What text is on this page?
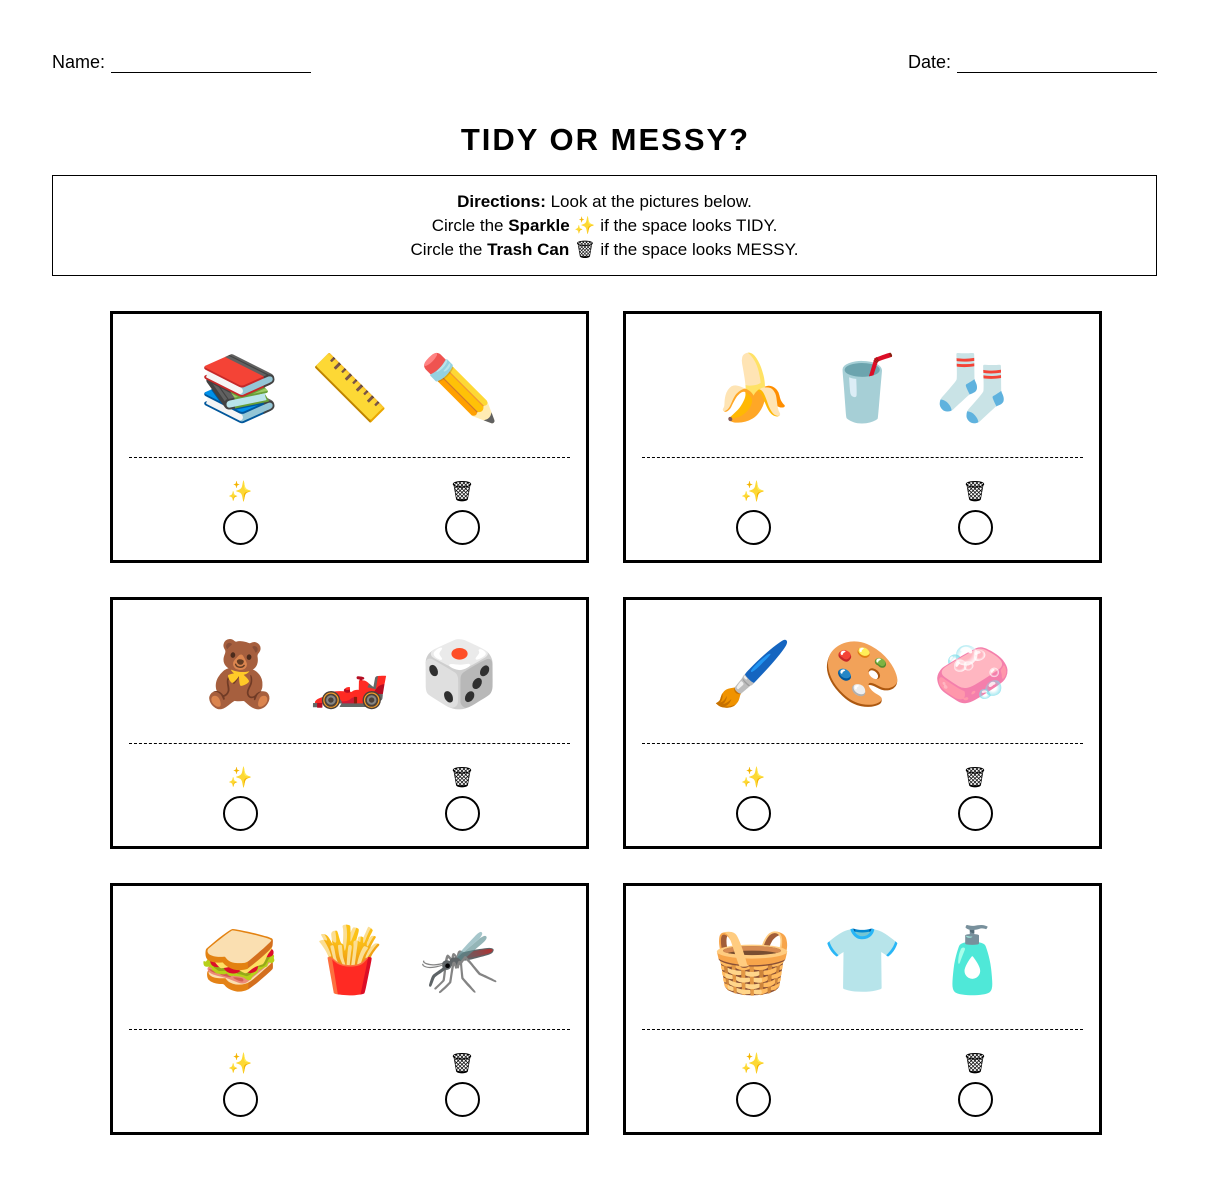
Name:	Date:
TIDY OR MESSY?
Directions: Look at the pictures below.
Circle the Sparkle ✨ if the space looks TIDY.
Circle the Trash Can 🗑 if the space looks MESSY.
📚 📏 ✏️
✨	🗑
🍌 🥤 🧦
✨	🗑
🧸 🏎️ 🎲
✨	🗑
🖌️ 🎨 🧼
✨	🗑
🥪 🍟 🦟
✨	🗑
🧺 👕 🧴
✨	🗑
